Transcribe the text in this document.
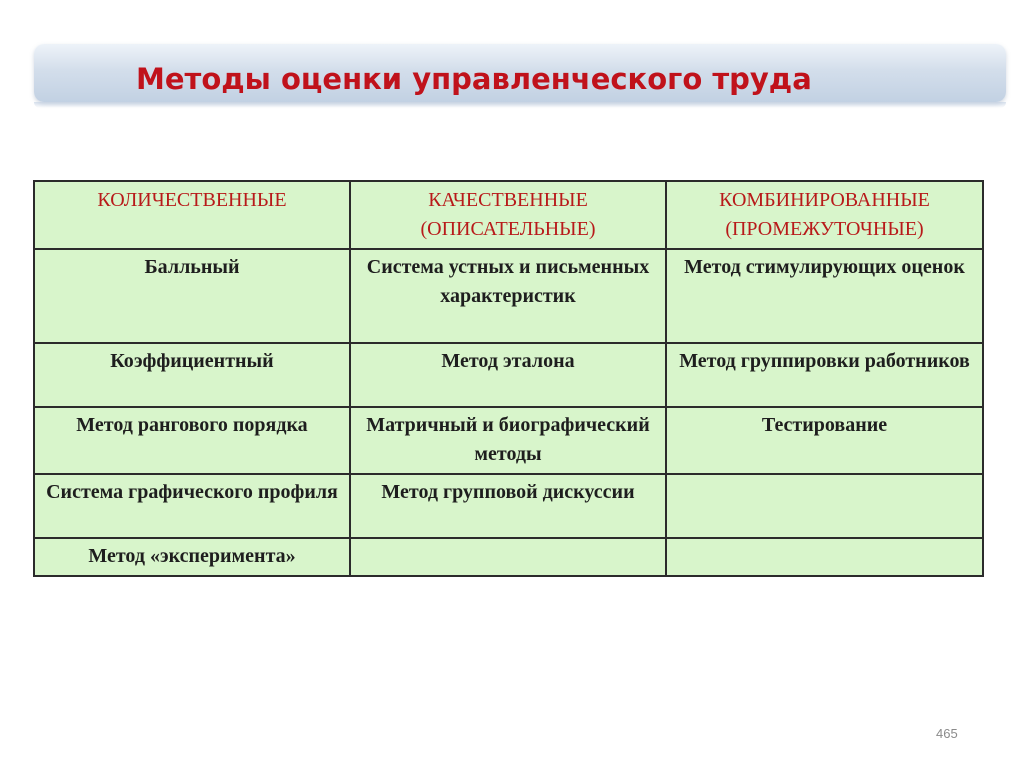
Методы оценки управленческого труда
КОЛИЧЕСТВЕННЫЕ	КАЧЕСТВЕННЫЕ (ОПИСАТЕЛЬНЫЕ)	КОМБИНИРОВАННЫЕ (ПРОМЕЖУТОЧНЫЕ)
Балльный	Система устных и письменных характеристик	Метод стимулирующих оценок
Коэффициентный	Метод эталона	Метод группировки работников
Метод рангового порядка	Матричный и биографический методы	Тестирование
Система графического профиля	Метод групповой дискуссии	
Метод «эксперимента»		
465
